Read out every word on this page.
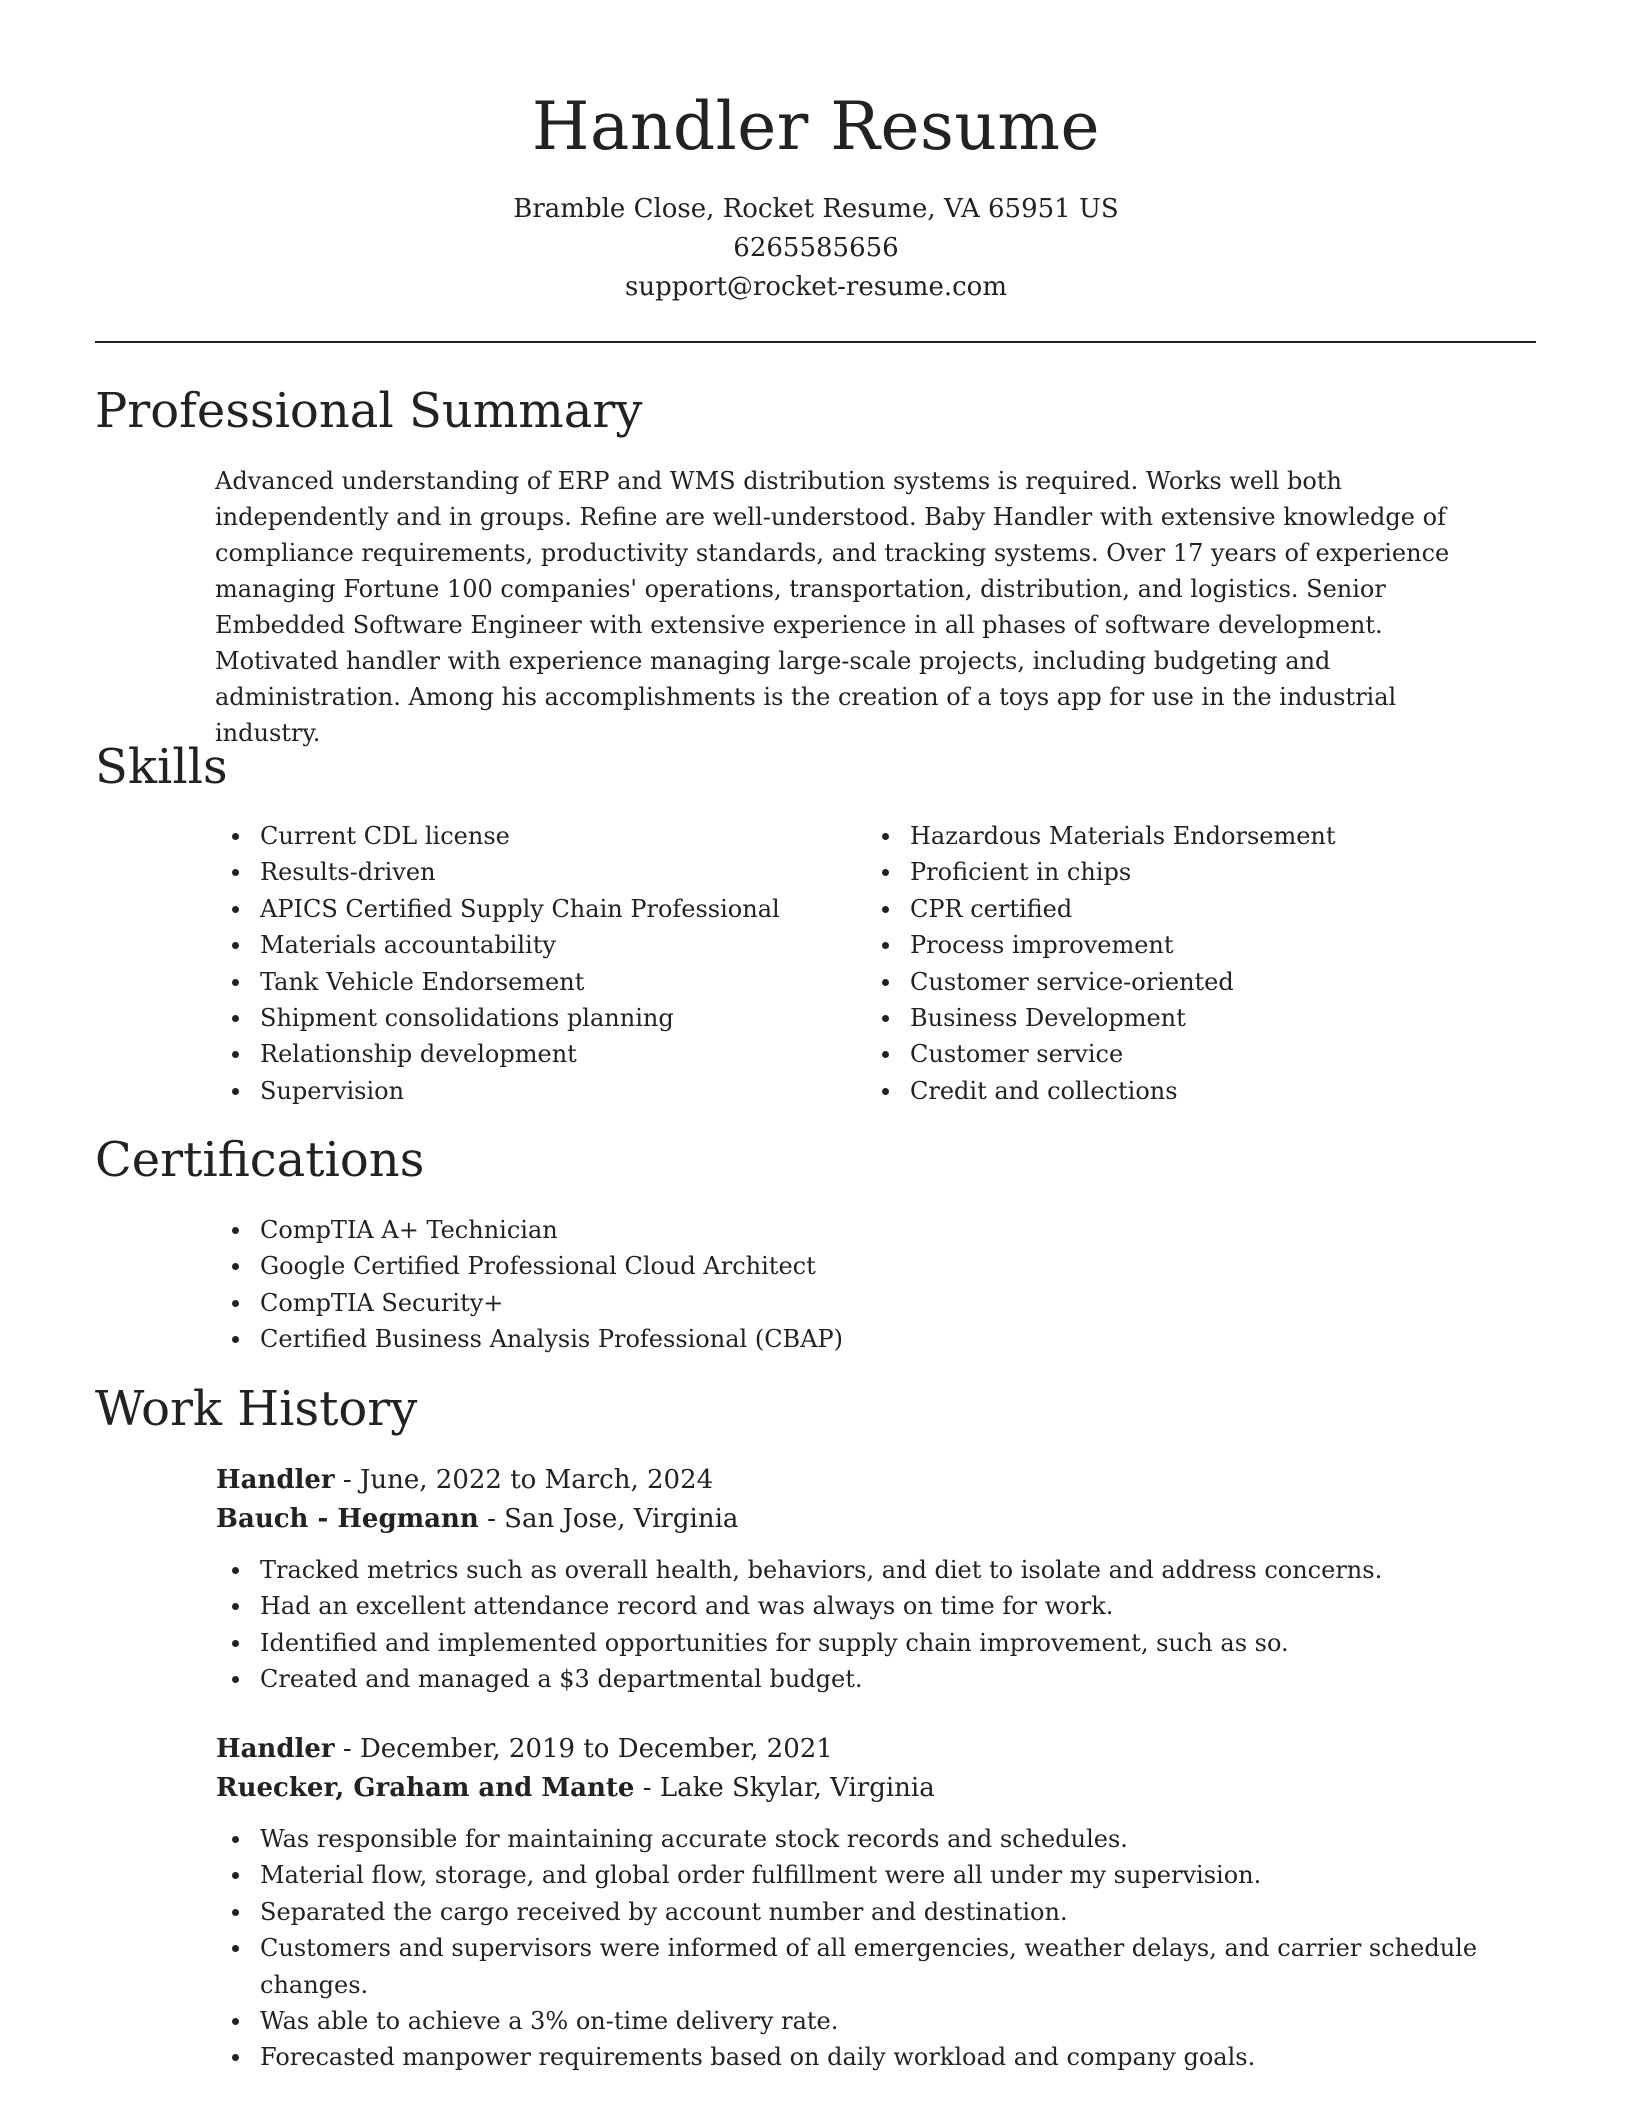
Handler Resume
Bramble Close, Rocket Resume, VA 65951 US
6265585656
support@rocket-resume.com
Professional Summary

Advanced understanding of ERP and WMS distribution systems is required. Works well both independently and in groups. Refine are well-understood. Baby Handler with extensive knowledge of compliance requirements, productivity standards, and tracking systems. Over 17 years of experience managing Fortune 100 companies' operations, transportation, distribution, and logistics. Senior Embedded Software Engineer with extensive experience in all phases of software development. Motivated handler with experience managing large-scale projects, including budgeting and administration. Among his accomplishments is the creation of a toys app for use in the industrial industry.

Skills
Current CDL license
Results-driven
APICS Certified Supply Chain Professional
Materials accountability
Tank Vehicle Endorsement
Shipment consolidations planning
Relationship development
Supervision
Hazardous Materials Endorsement
Proficient in chips
CPR certified
Process improvement
Customer service-oriented
Business Development
Customer service
Credit and collections
Certifications
CompTIA A+ Technician
Google Certified Professional Cloud Architect
CompTIA Security+
Certified Business Analysis Professional (CBAP)
Work History
Handler - June, 2022 to March, 2024
Bauch - Hegmann - San Jose, Virginia
Tracked metrics such as overall health, behaviors, and diet to isolate and address concerns.
Had an excellent attendance record and was always on time for work.
Identified and implemented opportunities for supply chain improvement, such as so.
Created and managed a $3 departmental budget.
Handler - December, 2019 to December, 2021
Ruecker, Graham and Mante - Lake Skylar, Virginia
Was responsible for maintaining accurate stock records and schedules.
Material flow, storage, and global order fulfillment were all under my supervision.
Separated the cargo received by account number and destination.
Customers and supervisors were informed of all emergencies, weather delays, and carrier schedule changes.
Was able to achieve a 3% on-time delivery rate.
Forecasted manpower requirements based on daily workload and company goals.
